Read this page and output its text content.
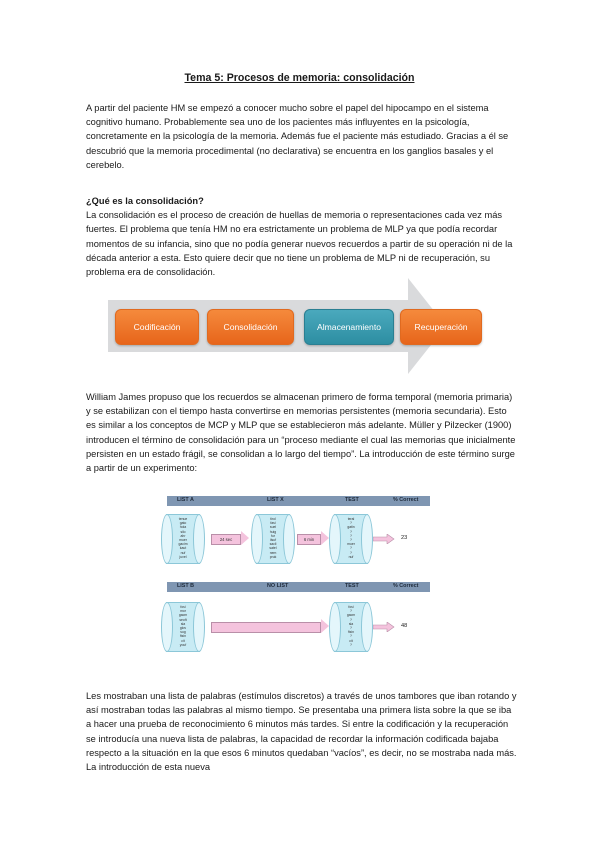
Tema 5: Procesos de memoria: consolidación

A partir del paciente HM se empezó a conocer mucho sobre el papel del hipocampo en el sistema cognitivo humano. Probablemente sea uno de los pacientes más influyentes en la psicología, concretamente en la psicología de la memoria. Además fue el paciente más estudiado. Gracias a él se descubrió que la memoria procedimental (no declarativa) se encuentra en los ganglios basales y el cerebelo.

¿Qué es la consolidación?
La consolidación es el proceso de creación de huellas de memoria o representaciones cada vez más fuertes. El problema que tenía HM no era estrictamente un problema de MLP ya que podía recordar momentos de su infancia, sino que no podía generar nuevos recuerdos a partir de su operación ni de la década anterior a esta. Esto quiere decir que no tiene un problema de MLP ni de recuperación, su problema era de consolidación.
Codificación	Consolidación	Almacenamiento	Recuperación

William James propuso que los recuerdos se almacenan primero de forma temporal (memoria primaria) y se estabilizan con el tiempo hasta convertirse en memorias persistentes (memoria secundaria). Esto es similar a los conceptos de MCP y MLP que se establecieron más adelante. Müller y Pilzecker (1900) introducen el término de consolidación para un “proceso mediante el cual las memorias que inicialmente persisten en un estado frágil, se consolidan a lo largo del tiempo”. La introducción de este término surge a partir de un experimento:

LIST A	LIST X	TEST	% Correct
tenue
gato
hola
silo
ahr
muer
gacim
kaut
nuf
juvel
24 sec
tirol
fasi
suel
huig
fur
ilsuf
sacli
satel
nem
pruk
6 min
teral
?
gatin
?
?
?
muer
?
?
nuf
23
LIST B	NO LIST	TEST	% Correct
fosi
mor
gacm
seoft
sla
glov
sug
fisin
cit
youf
fosi
?
gacm
?
sla
?
fisin
?
cit
?
48

Les mostraban una lista de palabras (estímulos discretos) a través de unos tambores que iban rotando y así mostraban todas las palabras al mismo tiempo. Se presentaba una primera lista sobre la que se iba a hacer una prueba de reconocimiento 6 minutos más tardes. Si entre la codificación y la recuperación se introducía una nueva lista de palabras, la capacidad de recordar la información codificada bajaba respecto a la situación en la que esos 6 minutos quedaban “vacíos”, es decir, no se mostraba nada más. La introducción de esta nueva
